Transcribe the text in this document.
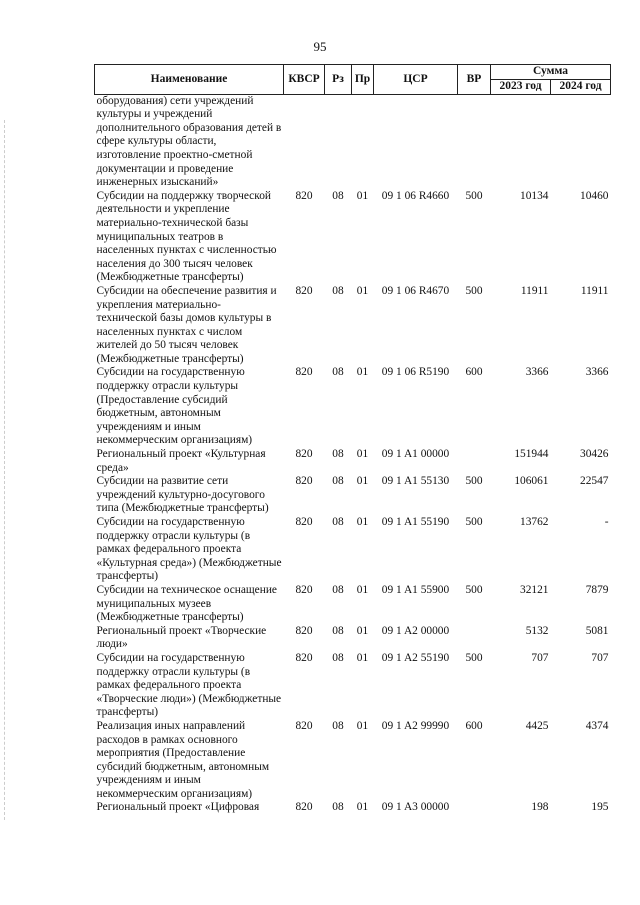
95
Наименование	КВСР	Рз	Пр	ЦСР	ВР	Сумма	
						2023 год	2024 год
оборудования) сети учреждений культуры и учреждений дополнительного образования детей в сфере культуры области, изготовление проектно-сметной документации и проведение инженерных изысканий»							
Субсидии на поддержку творческой деятельности и укрепление материально-технической базы муниципальных театров в населенных пунктах с численностью населения до 300 тысяч человек (Межбюджетные трансферты)	820	08	01	09 1 06 R4660	500	10134	10460
Субсидии на обеспечение развития и укрепления материально-технической базы домов культуры в населенных пунктах с числом жителей до 50 тысяч человек (Межбюджетные трансферты)	820	08	01	09 1 06 R4670	500	11911	11911
Субсидии на государственную поддержку отрасли культуры (Предоставление субсидий бюджетным, автономным учреждениям и иным некоммерческим организациям)	820	08	01	09 1 06 R5190	600	3366	3366
Региональный проект «Культурная среда»	820	08	01	09 1 A1 00000		151944	30426
Субсидии на развитие сети учреждений культурно-досугового типа (Межбюджетные трансферты)	820	08	01	09 1 A1 55130	500	106061	22547
Субсидии на государственную поддержку отрасли культуры (в рамках федерального проекта «Культурная среда») (Межбюджетные трансферты)	820	08	01	09 1 A1 55190	500	13762	-
Субсидии на техническое оснащение муниципальных музеев (Межбюджетные трансферты)	820	08	01	09 1 A1 55900	500	32121	7879
Региональный проект «Творческие люди»	820	08	01	09 1 A2 00000		5132	5081
Субсидии на государственную поддержку отрасли культуры (в рамках федерального проекта «Творческие люди») (Межбюджетные трансферты)	820	08	01	09 1 A2 55190	500	707	707
Реализация иных направлений расходов в рамках основного мероприятия (Предоставление субсидий бюджетным, автономным учреждениям и иным некоммерческим организациям)	820	08	01	09 1 A2 99990	600	4425	4374
Региональный проект «Цифровая	820	08	01	09 1 A3 00000		198	195
